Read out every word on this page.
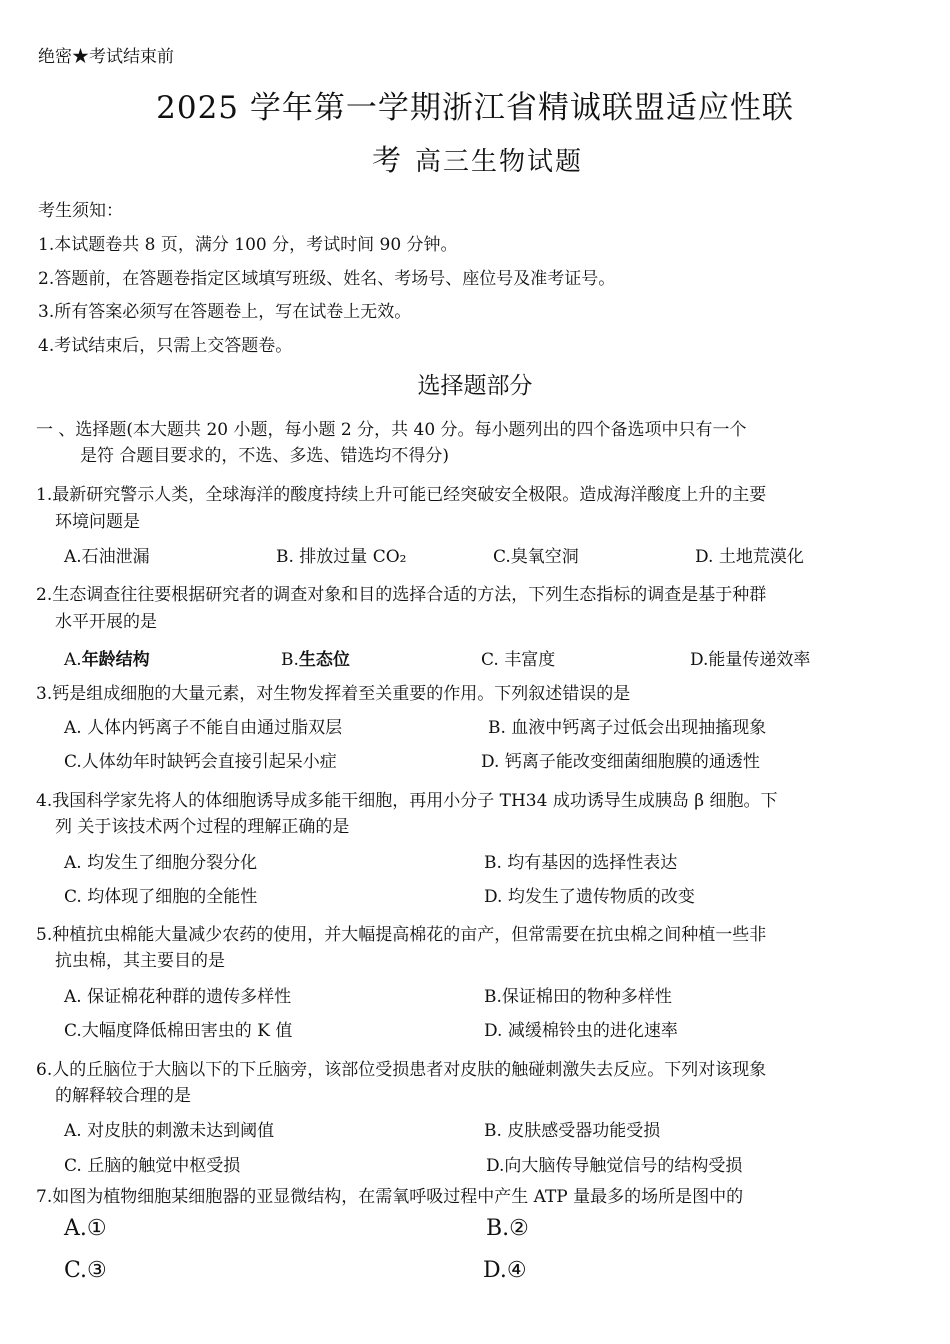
绝密★考试结束前
2025 学年第一学期浙江省精诚联盟适应性联
考 高三生物试题
考生须知：
1.本试题卷共 8 页，满分 100 分，考试时间 90 分钟。
2.答题前，在答题卷指定区域填写班级、姓名、考场号、座位号及准考证号。
3.所有答案必须写在答题卷上，写在试卷上无效。
4.考试结束后，只需上交答题卷。
选择题部分
一 、选择题(本大题共 20 小题，每小题 2 分，共 40 分。每小题列出的四个备选项中只有一个
是符 合题目要求的，不选、多选、错选均不得分)
1.最新研究警示人类，全球海洋的酸度持续上升可能已经突破安全极限。造成海洋酸度上升的主要
环境问题是
A.石油泄漏	B. 排放过量 CO₂	C.臭氧空洞	D. 土地荒漠化
2.生态调查往往要根据研究者的调查对象和目的选择合适的方法，下列生态指标的调查是基于种群
水平开展的是
A.年龄结构	B.生态位	C. 丰富度	D.能量传递效率
3.钙是组成细胞的大量元素，对生物发挥着至关重要的作用。下列叙述错误的是
A. 人体内钙离子不能自由通过脂双层	B. 血液中钙离子过低会出现抽搐现象
C.人体幼年时缺钙会直接引起呆小症	D. 钙离子能改变细菌细胞膜的通透性
4.我国科学家先将人的体细胞诱导成多能干细胞，再用小分子 TH34 成功诱导生成胰岛 β 细胞。下
列 关于该技术两个过程的理解正确的是
A. 均发生了细胞分裂分化	B. 均有基因的选择性表达
C. 均体现了细胞的全能性	D. 均发生了遗传物质的改变
5.种植抗虫棉能大量减少农药的使用，并大幅提高棉花的亩产，但常需要在抗虫棉之间种植一些非
抗虫棉，其主要目的是
A. 保证棉花种群的遗传多样性	B.保证棉田的物种多样性
C.大幅度降低棉田害虫的 K 值	D. 减缓棉铃虫的进化速率
6.人的丘脑位于大脑以下的下丘脑旁，该部位受损患者对皮肤的触碰刺激失去反应。下列对该现象
的解释较合理的是
A. 对皮肤的刺激未达到阈值	B. 皮肤感受器功能受损
C. 丘脑的触觉中枢受损	D.向大脑传导触觉信号的结构受损
7.如图为植物细胞某细胞器的亚显微结构，在需氧呼吸过程中产生 ATP 量最多的场所是图中的
A.①	B.②
C.③	D.④
